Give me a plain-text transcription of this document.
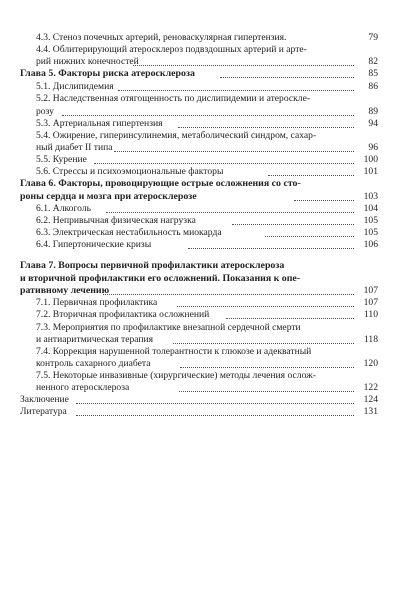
4.3. Стеноз почечных артерий, реноваскулярная гипертензия.	79
4.4. Облитерирующий атеросклероз подвздошных артерий и арте-
рий нижних конечностей	82
Глава 5. Факторы риска атеросклероза	85
5.1. Дислипидемия	86
5.2. Наследственная отягощенность по дислипидемии и атероскле-
розу	89
5.3. Артериальная гипертензия	94
5.4. Ожирение, гиперинсулинемия, метаболический синдром, сахар-
ный диабет II типа	96
5.5. Курение	100
5.6. Стрессы и психоэмоциональные факторы	101
Глава 6. Факторы, провоцирующие острые осложнения со сто-
роны сердца и мозга при атеросклерозе	103
6.1. Алкоголь	104
6.2. Непривычная физическая нагрузка	105
6.3. Электрическая нестабильность миокарда	105
6.4. Гипертонические кризы	106
Глава 7. Вопросы первичной профилактики атеросклероза
и вторичной профилактики его осложнений. Показания к опе-
ративному лечению	107
7.1. Первичная профилактика	107
7.2. Вторичная профилактика осложнений	110
7.3. Мероприятия по профилактике внезапной сердечной смерти
и антиаритмическая терапия	118
7.4. Коррекция нарушенной толерантности к глюкозе и адекватный
контроль сахарного диабета	120
7.5. Некоторые инвазивные (хирургические) методы лечения ослож-
ненного атеросклероза	122
Заключение	124
Литература	131
